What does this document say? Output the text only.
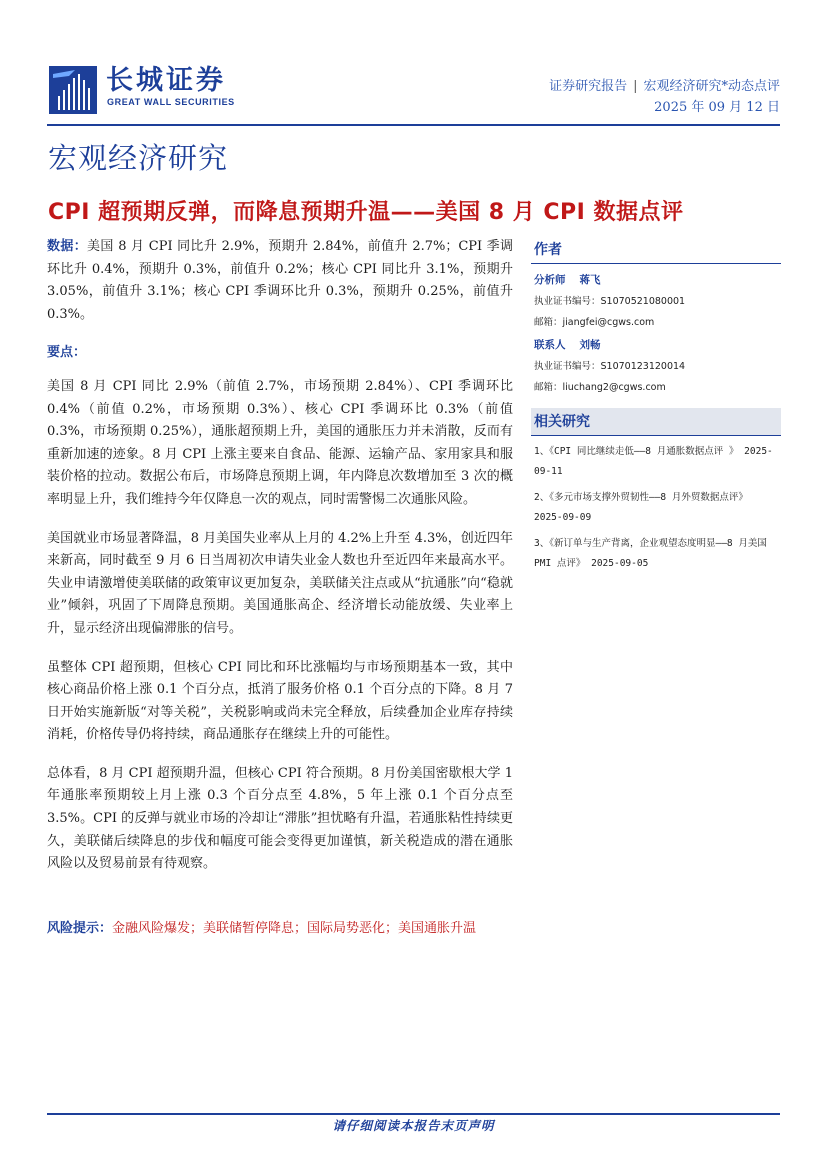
长城证券
GREAT WALL SECURITIES
证券研究报告 | 宏观经济研究*动态点评
2025 年 09 月 12 日
宏观经济研究
CPI 超预期反弹，而降息预期升温——美国 8 月 CPI 数据点评

数据：美国 8 月 CPI 同比升 2.9%，预期升 2.84%，前值升 2.7%；CPI 季调环比升 0.4%，预期升 0.3%，前值升 0.2%；核心 CPI 同比升 3.1%，预期升 3.05%，前值升 3.1%；核心 CPI 季调环比升 0.3%，预期升 0.25%，前值升 0.3%。

要点：

美国 8 月 CPI 同比 2.9%（前值 2.7%，市场预期 2.84%）、CPI 季调环比 0.4%（前值 0.2%，市场预期 0.3%）、核心 CPI 季调环比 0.3%（前值 0.3%，市场预期 0.25%），通胀超预期上升，美国的通胀压力并未消散，反而有重新加速的迹象。8 月 CPI 上涨主要来自食品、能源、运输产品、家用家具和服装价格的拉动。数据公布后，市场降息预期上调，年内降息次数增加至 3 次的概率明显上升，我们维持今年仅降息一次的观点，同时需警惕二次通胀风险。

美国就业市场显著降温，8 月美国失业率从上月的 4.2%上升至 4.3%，创近四年来新高，同时截至 9 月 6 日当周初次申请失业金人数也升至近四年来最高水平。失业申请激增使美联储的政策审议更加复杂，美联储关注点或从“抗通胀”向“稳就业”倾斜，巩固了下周降息预期。美国通胀高企、经济增长动能放缓、失业率上升，显示经济出现偏滞胀的信号。

虽整体 CPI 超预期，但核心 CPI 同比和环比涨幅均与市场预期基本一致，其中核心商品价格上涨 0.1 个百分点，抵消了服务价格 0.1 个百分点的下降。8 月 7 日开始实施新版“对等关税”，关税影响或尚未完全释放，后续叠加企业库存持续消耗，价格传导仍将持续，商品通胀存在继续上升的可能性。

总体看，8 月 CPI 超预期升温，但核心 CPI 符合预期。8 月份美国密歇根大学 1 年通胀率预期较上月上涨 0.3 个百分点至 4.8%，5 年上涨 0.1 个百分点至 3.5%。CPI 的反弹与就业市场的冷却让“滞胀”担忧略有升温，若通胀粘性持续更久，美联储后续降息的步伐和幅度可能会变得更加谨慎，新关税造成的潜在通胀风险以及贸易前景有待观察。

风险提示：金融风险爆发；美联储暂停降息；国际局势恶化；美国通胀升温

作者
分析师 蒋飞
执业证书编号：S1070521080001
邮箱：jiangfei@cgws.com
联系人 刘畅
执业证书编号：S1070123120014
邮箱：liuchang2@cgws.com
相关研究
1、《CPI 同比继续走低——8 月通胀数据点评 》 2025-09-11
2、《多元市场支撑外贸韧性——8 月外贸数据点评》 2025-09-09
3、《新订单与生产背离，企业观望态度明显——8 月美国 PMI 点评》 2025-09-05
请仔细阅读本报告末页声明
